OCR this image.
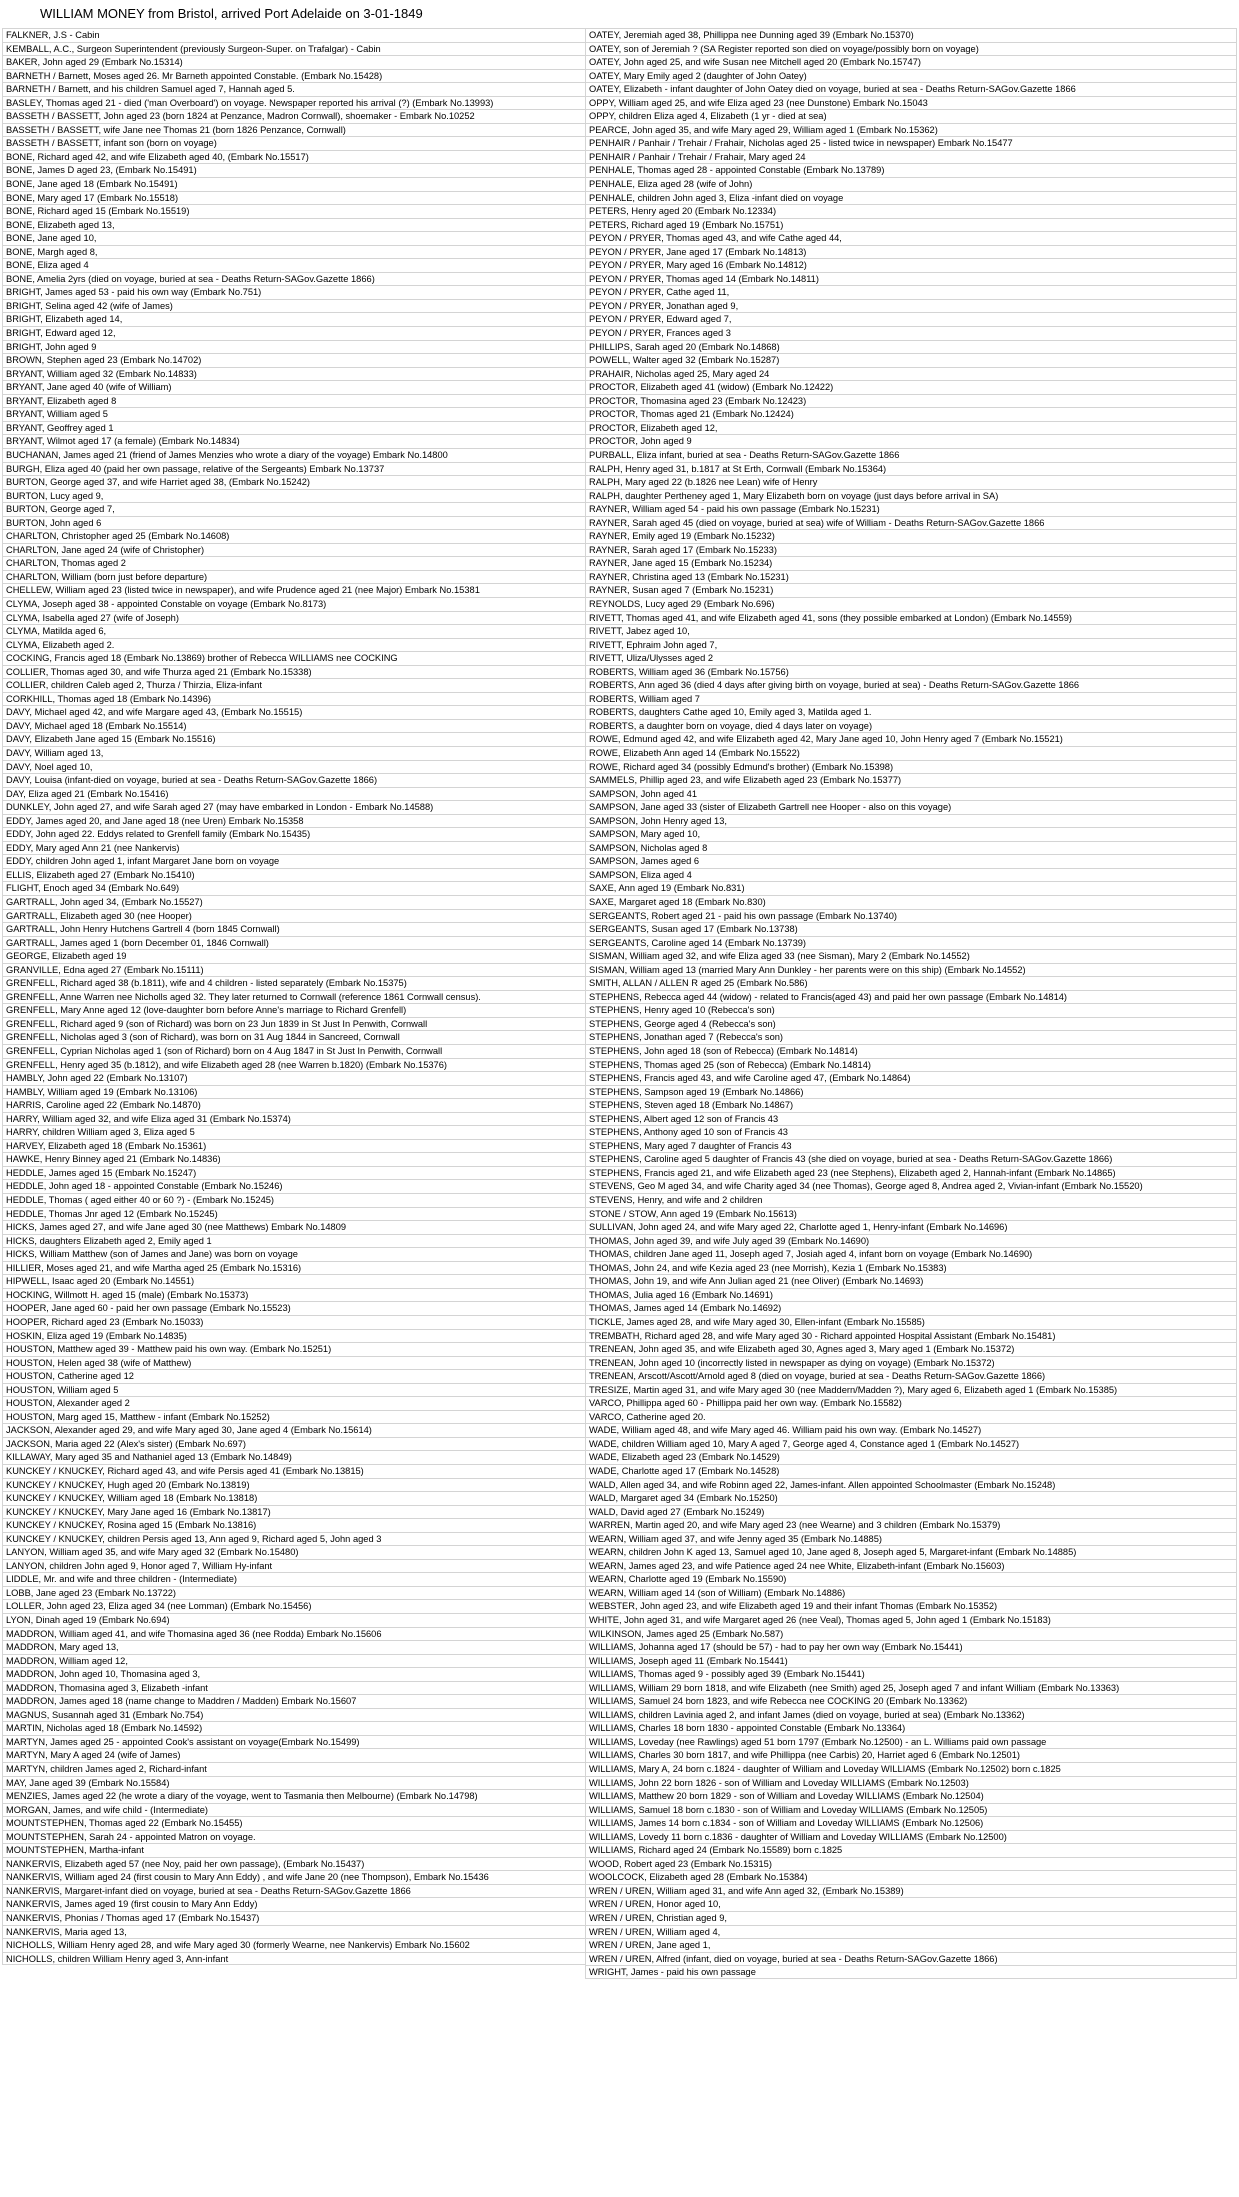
WILLIAM MONEY from Bristol, arrived Port Adelaide on 3-01-1849
FALKNER, J.S - Cabin
KEMBALL, A.C., Surgeon Superintendent (previously Surgeon-Super. on Trafalgar) - Cabin
BAKER, John aged 29 (Embark No.15314)
BARNETH / Barnett, Moses aged 26. Mr Barneth appointed Constable. (Embark No.15428)
BARNETH / Barnett, and his children Samuel aged 7, Hannah aged 5.
BASLEY, Thomas aged 21 - died ('man Overboard') on voyage. Newspaper reported his arrival (?) (Embark No.13993)
BASSETH / BASSETT, John aged 23 (born 1824 at Penzance, Madron Cornwall), shoemaker - Embark No.10252
BASSETH / BASSETT, wife Jane nee Thomas 21 (born 1826 Penzance, Cornwall)
BASSETH / BASSETT, infant son (born on voyage)
BONE, Richard aged 42, and wife Elizabeth aged 40, (Embark No.15517)
BONE, James D aged 23, (Embark No.15491)
BONE, Jane aged 18 (Embark No.15491)
BONE, Mary aged 17 (Embark No.15518)
BONE, Richard aged 15 (Embark No.15519)
BONE, Elizabeth aged 13,
BONE, Jane aged 10,
BONE, Margh aged 8,
BONE, Eliza aged 4
BONE, Amelia 2yrs (died on voyage, buried at sea - Deaths Return-SAGov.Gazette 1866)
BRIGHT, James aged 53 - paid his own way (Embark No.751)
BRIGHT, Selina aged 42 (wife of James)
BRIGHT, Elizabeth aged 14,
BRIGHT, Edward aged 12,
BRIGHT, John aged 9
BROWN, Stephen aged 23 (Embark No.14702)
BRYANT, William aged 32 (Embark No.14833)
BRYANT, Jane aged 40 (wife of William)
BRYANT, Elizabeth aged 8
BRYANT, William aged 5
BRYANT, Geoffrey aged 1
BRYANT, Wilmot aged 17 (a female) (Embark No.14834)
BUCHANAN, James aged 21 (friend of James Menzies who wrote a diary of the voyage) Embark No.14800
BURGH, Eliza aged 40 (paid her own passage, relative of the Sergeants) Embark No.13737
BURTON, George aged 37, and wife Harriet aged 38, (Embark No.15242)
BURTON, Lucy aged 9,
BURTON, George aged 7,
BURTON, John aged 6
CHARLTON, Christopher aged 25 (Embark No.14608)
CHARLTON, Jane aged 24 (wife of Christopher)
CHARLTON, Thomas aged 2
CHARLTON, William (born just before departure)
CHELLEW, William aged 23 (listed twice in newspaper), and wife Prudence aged 21 (nee Major) Embark No.15381
CLYMA, Joseph aged 38 - appointed Constable on voyage (Embark No.8173)
CLYMA, Isabella aged 27 (wife of Joseph)
CLYMA, Matilda aged 6,
CLYMA, Elizabeth aged 2.
COCKING, Francis aged 18 (Embark No.13869) brother of Rebecca WILLIAMS nee COCKING
COLLIER, Thomas aged 30, and wife Thurza aged 21 (Embark No.15338)
COLLIER, children Caleb aged 2, Thurza / Thirzia, Eliza-infant
CORKHILL, Thomas aged 18 (Embark No.14396)
DAVY, Michael aged 42, and wife Margare aged 43, (Embark No.15515)
DAVY, Michael aged 18 (Embark No.15514)
DAVY, Elizabeth Jane aged 15 (Embark No.15516)
DAVY, William aged 13,
DAVY, Noel aged 10,
DAVY, Louisa (infant-died on voyage, buried at sea - Deaths Return-SAGov.Gazette 1866)
DAY, Eliza aged 21 (Embark No.15416)
DUNKLEY, John aged 27, and wife Sarah aged 27 (may have embarked in London - Embark No.14588)
EDDY, James aged 20, and Jane aged 18 (nee Uren) Embark No.15358
EDDY, John aged 22. Eddys related to Grenfell family (Embark No.15435)
EDDY, Mary aged Ann 21 (nee Nankervis)
EDDY, children John aged 1, infant Margaret Jane born on voyage
ELLIS, Elizabeth aged 27 (Embark No.15410)
FLIGHT, Enoch aged 34 (Embark No.649)
GARTRALL, John aged 34, (Embark No.15527)
GARTRALL, Elizabeth aged 30 (nee Hooper)
GARTRALL, John Henry Hutchens Gartrell 4 (born 1845 Cornwall)
GARTRALL, James aged 1 (born December 01, 1846 Cornwall)
GEORGE, Elizabeth aged 19
GRANVILLE, Edna aged 27 (Embark No.15111)
GRENFELL, Richard aged 38 (b.1811), wife and 4 children - listed separately (Embark No.15375)
GRENFELL, Anne Warren nee Nicholls aged 32. They later returned to Cornwall (reference 1861 Cornwall census).
GRENFELL, Mary Anne aged 12 (love-daughter born before Anne's marriage to Richard Grenfell)
GRENFELL, Richard aged 9 (son of Richard) was born on 23 Jun 1839 in St Just In Penwith, Cornwall
GRENFELL, Nicholas aged 3 (son of Richard), was born on 31 Aug 1844 in Sancreed, Cornwall
GRENFELL, Cyprian Nicholas aged 1 (son of Richard) born on 4 Aug 1847 in St Just In Penwith, Cornwall
GRENFELL, Henry aged 35 (b.1812), and wife Elizabeth aged 28 (nee Warren b.1820) (Embark No.15376)
HAMBLY, John aged 22 (Embark No.13107)
HAMBLY, William aged 19 (Embark No.13106)
HARRIS, Caroline aged 22 (Embark No.14870)
HARRY, William aged 32, and wife Eliza aged 31 (Embark No.15374)
HARRY, children William aged 3, Eliza aged 5
HARVEY, Elizabeth aged 18 (Embark No.15361)
HAWKE, Henry Binney aged 21 (Embark No.14836)
HEDDLE, James aged 15 (Embark No.15247)
HEDDLE, John aged 18 - appointed Constable (Embark No.15246)
HEDDLE, Thomas ( aged either 40 or 60 ?) - (Embark No.15245)
HEDDLE, Thomas Jnr aged 12 (Embark No.15245)
HICKS, James aged 27, and wife Jane aged 30 (nee Matthews) Embark No.14809
HICKS, daughters Elizabeth aged 2, Emily aged 1
HICKS, William Matthew (son of James and Jane) was born on voyage
HILLIER, Moses aged 21, and wife Martha aged 25 (Embark No.15316)
HIPWELL, Isaac aged 20 (Embark No.14551)
HOCKING, Willmott H. aged 15 (male) (Embark No.15373)
HOOPER, Jane aged 60 - paid her own passage (Embark No.15523)
HOOPER, Richard aged 23 (Embark No.15033)
HOSKIN, Eliza aged 19 (Embark No.14835)
HOUSTON, Matthew aged 39 - Matthew paid his own way. (Embark No.15251)
HOUSTON, Helen aged 38 (wife of Matthew)
HOUSTON, Catherine aged 12
HOUSTON, William aged 5
HOUSTON, Alexander aged 2
HOUSTON, Marg aged 15, Matthew - infant (Embark No.15252)
JACKSON, Alexander aged 29, and wife Mary aged 30, Jane aged 4 (Embark No.15614)
JACKSON, Maria aged 22 (Alex's sister) (Embark No.697)
KILLAWAY, Mary aged 35 and Nathaniel aged 13 (Embark No.14849)
KUNCKEY / KNUCKEY, Richard aged 43, and wife Persis aged 41 (Embark No.13815)
KUNCKEY / KNUCKEY, Hugh aged 20 (Embark No.13819)
KUNCKEY / KNUCKEY, William aged 18 (Embark No.13818)
KUNCKEY / KNUCKEY, Mary Jane aged 16 (Embark No.13817)
KUNCKEY / KNUCKEY, Rosina aged 15 (Embark No.13816)
KUNCKEY / KNUCKEY, children Persis aged 13, Ann aged 9, Richard aged 5, John aged 3
LANYON, William aged 35, and wife Mary aged 32 (Embark No.15480)
LANYON, children John aged 9, Honor aged 7, William Hy-infant
LIDDLE, Mr. and wife and three children - (Intermediate)
LOBB, Jane aged 23 (Embark No.13722)
LOLLER, John aged 23, Eliza aged 34 (nee Lomman) (Embark No.15456)
LYON, Dinah aged 19 (Embark No.694)
MADDRON, William aged 41, and wife Thomasina aged 36 (nee Rodda) Embark No.15606
MADDRON, Mary aged 13,
MADDRON, William aged 12,
MADDRON, John aged 10, Thomasina aged 3,
MADDRON, Thomasina aged 3, Elizabeth -infant
MADDRON, James aged 18 (name change to Maddren / Madden) Embark No.15607
MAGNUS, Susannah aged 31 (Embark No.754)
MARTIN, Nicholas aged 18 (Embark No.14592)
MARTYN, James aged 25 - appointed Cook's assistant on voyage(Embark No.15499)
MARTYN, Mary A aged 24 (wife of James)
MARTYN, children James aged 2, Richard-infant
MAY, Jane aged 39 (Embark No.15584)
MENZIES, James aged 22 (he wrote a diary of the voyage, went to Tasmania then Melbourne) (Embark No.14798)
MORGAN, James, and wife child - (Intermediate)
MOUNTSTEPHEN, Thomas aged 22 (Embark No.15455)
MOUNTSTEPHEN, Sarah 24 - appointed Matron on voyage.
MOUNTSTEPHEN, Martha-infant
NANKERVIS, Elizabeth aged 57 (nee Noy, paid her own passage), (Embark No.15437)
NANKERVIS, William aged 24 (first cousin to Mary Ann Eddy) , and wife Jane 20 (nee Thompson), Embark No.15436
NANKERVIS, Margaret-infant died on voyage, buried at sea - Deaths Return-SAGov.Gazette 1866
NANKERVIS, James aged 19 (first cousin to Mary Ann Eddy)
NANKERVIS, Phonias / Thomas aged 17 (Embark No.15437)
NANKERVIS, Maria aged 13,
NICHOLLS, William Henry aged 28, and wife Mary aged 30 (formerly Wearne, nee Nankervis) Embark No.15602
NICHOLLS, children William Henry aged 3, Ann-infant
OATEY, Jeremiah aged 38, Phillippa nee Dunning aged 39 (Embark No.15370)
OATEY, son of Jeremiah ? (SA Register reported son died on voyage/possibly born on voyage)
OATEY, John aged 25, and wife Susan nee Mitchell aged 20 (Embark No.15747)
OATEY, Mary Emily aged 2 (daughter of John Oatey)
OATEY, Elizabeth - infant daughter of John Oatey died on voyage, buried at sea - Deaths Return-SAGov.Gazette 1866
OPPY, William aged 25, and wife Eliza aged 23 (nee Dunstone) Embark No.15043
OPPY, children Eliza aged 4, Elizabeth (1 yr - died at sea)
PEARCE, John aged 35, and wife Mary aged 29, William aged 1 (Embark No.15362)
PENHAIR / Panhair / Trehair / Frahair, Nicholas aged 25 - listed twice in newspaper) Embark No.15477
PENHAIR / Panhair / Trehair / Frahair, Mary aged 24
PENHALE, Thomas aged 28 - appointed Constable (Embark No.13789)
PENHALE, Eliza aged 28 (wife of John)
PENHALE, children John aged 3, Eliza -infant died on voyage
PETERS, Henry aged 20 (Embark No.12334)
PETERS, Richard aged 19 (Embark No.15751)
PEYON / PRYER, Thomas aged 43, and wife Cathe aged 44,
PEYON / PRYER, Jane aged 17 (Embark No.14813)
PEYON / PRYER, Mary aged 16 (Embark No.14812)
PEYON / PRYER, Thomas aged 14 (Embark No.14811)
PEYON / PRYER, Cathe aged 11,
PEYON / PRYER, Jonathan aged 9,
PEYON / PRYER, Edward aged 7,
PEYON / PRYER, Frances aged 3
PHILLIPS, Sarah aged 20 (Embark No.14868)
POWELL, Walter aged 32 (Embark No.15287)
PRAHAIR, Nicholas aged 25, Mary aged 24
PROCTOR, Elizabeth aged 41 (widow) (Embark No.12422)
PROCTOR, Thomasina aged 23 (Embark No.12423)
PROCTOR, Thomas aged 21 (Embark No.12424)
PROCTOR, Elizabeth aged 12,
PROCTOR, John aged 9
PURBALL, Eliza infant, buried at sea - Deaths Return-SAGov.Gazette 1866
RALPH, Henry aged 31, b.1817 at St Erth, Cornwall (Embark No.15364)
RALPH, Mary aged 22 (b.1826 nee Lean) wife of Henry
RALPH, daughter Pertheney aged 1, Mary Elizabeth born on voyage (just days before arrival in SA)
RAYNER, William aged 54 - paid his own passage (Embark No.15231)
RAYNER, Sarah aged 45 (died on voyage, buried at sea) wife of William - Deaths Return-SAGov.Gazette 1866
RAYNER, Emily aged 19 (Embark No.15232)
RAYNER, Sarah aged 17 (Embark No.15233)
RAYNER, Jane aged 15 (Embark No.15234)
RAYNER, Christina aged 13 (Embark No.15231)
RAYNER, Susan aged 7 (Embark No.15231)
REYNOLDS, Lucy aged 29 (Embark No.696)
RIVETT, Thomas aged 41, and wife Elizabeth aged 41, sons (they possible embarked at London) (Embark No.14559)
RIVETT, Jabez aged 10,
RIVETT, Ephraim John aged 7,
RIVETT, Uliza/Ulysses aged 2
ROBERTS, William aged 36 (Embark No.15756)
ROBERTS, Ann aged 36 (died 4 days after giving birth on voyage, buried at sea) - Deaths Return-SAGov.Gazette 1866
ROBERTS, William aged 7
ROBERTS, daughters Cathe aged 10, Emily aged 3, Matilda aged 1.
ROBERTS, a daughter born on voyage, died 4 days later on voyage)
ROWE, Edmund aged 42, and wife Elizabeth aged 42, Mary Jane aged 10, John Henry aged 7 (Embark No.15521)
ROWE, Elizabeth Ann aged 14 (Embark No.15522)
ROWE, Richard aged 34 (possibly Edmund's brother) (Embark No.15398)
SAMMELS, Phillip aged 23, and wife Elizabeth aged 23 (Embark No.15377)
SAMPSON, John aged 41
SAMPSON, Jane aged 33 (sister of Elizabeth Gartrell nee Hooper - also on this voyage)
SAMPSON, John Henry aged 13,
SAMPSON, Mary aged 10,
SAMPSON, Nicholas aged 8
SAMPSON, James aged 6
SAMPSON, Eliza aged 4
SAXE, Ann aged 19 (Embark No.831)
SAXE, Margaret aged 18 (Embark No.830)
SERGEANTS, Robert aged 21 - paid his own passage (Embark No.13740)
SERGEANTS, Susan aged 17 (Embark No.13738)
SERGEANTS, Caroline aged 14 (Embark No.13739)
SISMAN, William aged 32, and wife Eliza aged 33 (nee Sisman), Mary 2 (Embark No.14552)
SISMAN, William aged 13 (married Mary Ann Dunkley - her parents were on this ship) (Embark No.14552)
SMITH, ALLAN / ALLEN R aged 25 (Embark No.586)
STEPHENS, Rebecca aged 44 (widow) - related to Francis(aged 43) and paid her own passage (Embark No.14814)
STEPHENS, Henry aged 10 (Rebecca's son)
STEPHENS, George aged 4 (Rebecca's son)
STEPHENS, Jonathan aged 7 (Rebecca's son)
STEPHENS, John aged 18 (son of Rebecca) (Embark No.14814)
STEPHENS, Thomas aged 25 (son of Rebecca) (Embark No.14814)
STEPHENS, Francis aged 43, and wife Caroline aged 47, (Embark No.14864)
STEPHENS, Sampson aged 19 (Embark No.14866)
STEPHENS, Steven aged 18 (Embark No.14867)
STEPHENS, Albert aged 12 son of Francis 43
STEPHENS, Anthony aged 10 son of Francis 43
STEPHENS, Mary aged 7 daughter of Francis 43
STEPHENS, Caroline aged 5 daughter of Francis 43 (she died on voyage, buried at sea - Deaths Return-SAGov.Gazette 1866)
STEPHENS, Francis aged 21, and wife Elizabeth aged 23 (nee Stephens), Elizabeth aged 2, Hannah-infant (Embark No.14865)
STEVENS, Geo M aged 34, and wife Charity aged 34 (nee Thomas), George aged 8, Andrea aged 2, Vivian-infant (Embark No.15520)
STEVENS, Henry, and wife and 2 children
STONE / STOW, Ann aged 19 (Embark No.15613)
SULLIVAN, John aged 24, and wife Mary aged 22, Charlotte aged 1, Henry-infant (Embark No.14696)
THOMAS, John aged 39, and wife July aged 39 (Embark No.14690)
THOMAS, children Jane aged 11, Joseph aged 7, Josiah aged 4, infant born on voyage (Embark No.14690)
THOMAS, John 24, and wife Kezia aged 23 (nee Morrish), Kezia 1 (Embark No.15383)
THOMAS, John 19, and wife Ann Julian aged 21 (nee Oliver) (Embark No.14693)
THOMAS, Julia aged 16 (Embark No.14691)
THOMAS, James aged 14 (Embark No.14692)
TICKLE, James aged 28, and wife Mary aged 30, Ellen-infant (Embark No.15585)
TREMBATH, Richard aged 28, and wife Mary aged 30 - Richard appointed Hospital Assistant (Embark No.15481)
TRENEAN, John aged 35, and wife Elizabeth aged 30, Agnes aged 3, Mary aged 1 (Embark No.15372)
TRENEAN, John aged 10 (incorrectly listed in newspaper as dying on voyage) (Embark No.15372)
TRENEAN, Arscott/Ascott/Arnold aged 8 (died on voyage, buried at sea - Deaths Return-SAGov.Gazette 1866)
TRESIZE, Martin aged 31, and wife Mary aged 30 (nee Maddern/Madden ?), Mary aged 6, Elizabeth aged 1 (Embark No.15385)
VARCO, Phillippa aged 60 - Phillippa paid her own way. (Embark No.15582)
VARCO, Catherine aged 20.
WADE, William aged 48, and wife Mary aged 46. William paid his own way. (Embark No.14527)
WADE, children William aged 10, Mary A aged 7, George aged 4, Constance aged 1 (Embark No.14527)
WADE, Elizabeth aged 23 (Embark No.14529)
WADE, Charlotte aged 17 (Embark No.14528)
WALD, Allen aged 34, and wife Robinn aged 22, James-infant. Allen appointed Schoolmaster (Embark No.15248)
WALD, Margaret aged 34 (Embark No.15250)
WALD, David aged 27 (Embark No.15249)
WARREN, Martin aged 20, and wife Mary aged 23 (nee Wearne) and 3 children (Embark No.15379)
WEARN, William aged 37, and wife Jenny aged 35 (Embark No.14885)
WEARN, children John K aged 13, Samuel aged 10, Jane aged 8, Joseph aged 5, Margaret-infant (Embark No.14885)
WEARN, James aged 23, and wife Patience aged 24 nee White, Elizabeth-infant (Embark No.15603)
WEARN, Charlotte aged 19 (Embark No.15590)
WEARN, William aged 14 (son of William) (Embark No.14886)
WEBSTER, John aged 23, and wife Elizabeth aged 19 and their infant Thomas (Embark No.15352)
WHITE, John aged 31, and wife Margaret aged 26 (nee Veal), Thomas aged 5, John aged 1 (Embark No.15183)
WILKINSON, James aged 25 (Embark No.587)
WILLIAMS, Johanna aged 17 (should be 57) - had to pay her own way (Embark No.15441)
WILLIAMS, Joseph aged 11 (Embark No.15441)
WILLIAMS, Thomas aged 9 - possibly aged 39 (Embark No.15441)
WILLIAMS, William 29 born 1818, and wife Elizabeth (nee Smith) aged 25, Joseph aged 7 and infant William (Embark No.13363)
WILLIAMS, Samuel 24 born 1823, and wife Rebecca nee COCKING 20 (Embark No.13362)
WILLIAMS, children Lavinia aged 2, and infant James (died on voyage, buried at sea) (Embark No.13362)
WILLIAMS, Charles 18 born 1830 - appointed Constable (Embark No.13364)
WILLIAMS, Loveday (nee Rawlings) aged 51 born 1797 (Embark No.12500) - an L. Williams paid own passage
WILLIAMS, Charles 30 born 1817, and wife Phillippa (nee Carbis) 20, Harriet aged 6 (Embark No.12501)
WILLIAMS, Mary A, 24 born c.1824 - daughter of William and Loveday WILLIAMS (Embark No.12502) born c.1825
WILLIAMS, John 22 born 1826 - son of William and Loveday WILLIAMS (Embark No.12503)
WILLIAMS, Matthew 20 born 1829 - son of William and Loveday WILLIAMS (Embark No.12504)
WILLIAMS, Samuel 18 born c.1830 - son of William and Loveday WILLIAMS (Embark No.12505)
WILLIAMS, James 14 born c.1834 - son of William and Loveday WILLIAMS (Embark No.12506)
WILLIAMS, Lovedy 11 born c.1836 - daughter of William and Loveday WILLIAMS (Embark No.12500)
WILLIAMS, Richard aged 24 (Embark No.15589) born c.1825
WOOD, Robert aged 23 (Embark No.15315)
WOOLCOCK, Elizabeth aged 28 (Embark No.15384)
WREN / UREN, William aged 31, and wife Ann aged 32, (Embark No.15389)
WREN / UREN, Honor aged 10,
WREN / UREN, Christian aged 9,
WREN / UREN, William aged 4,
WREN / UREN, Jane aged 1,
WREN / UREN, Alfred (infant, died on voyage, buried at sea - Deaths Return-SAGov.Gazette 1866)
WRIGHT, James - paid his own passage
